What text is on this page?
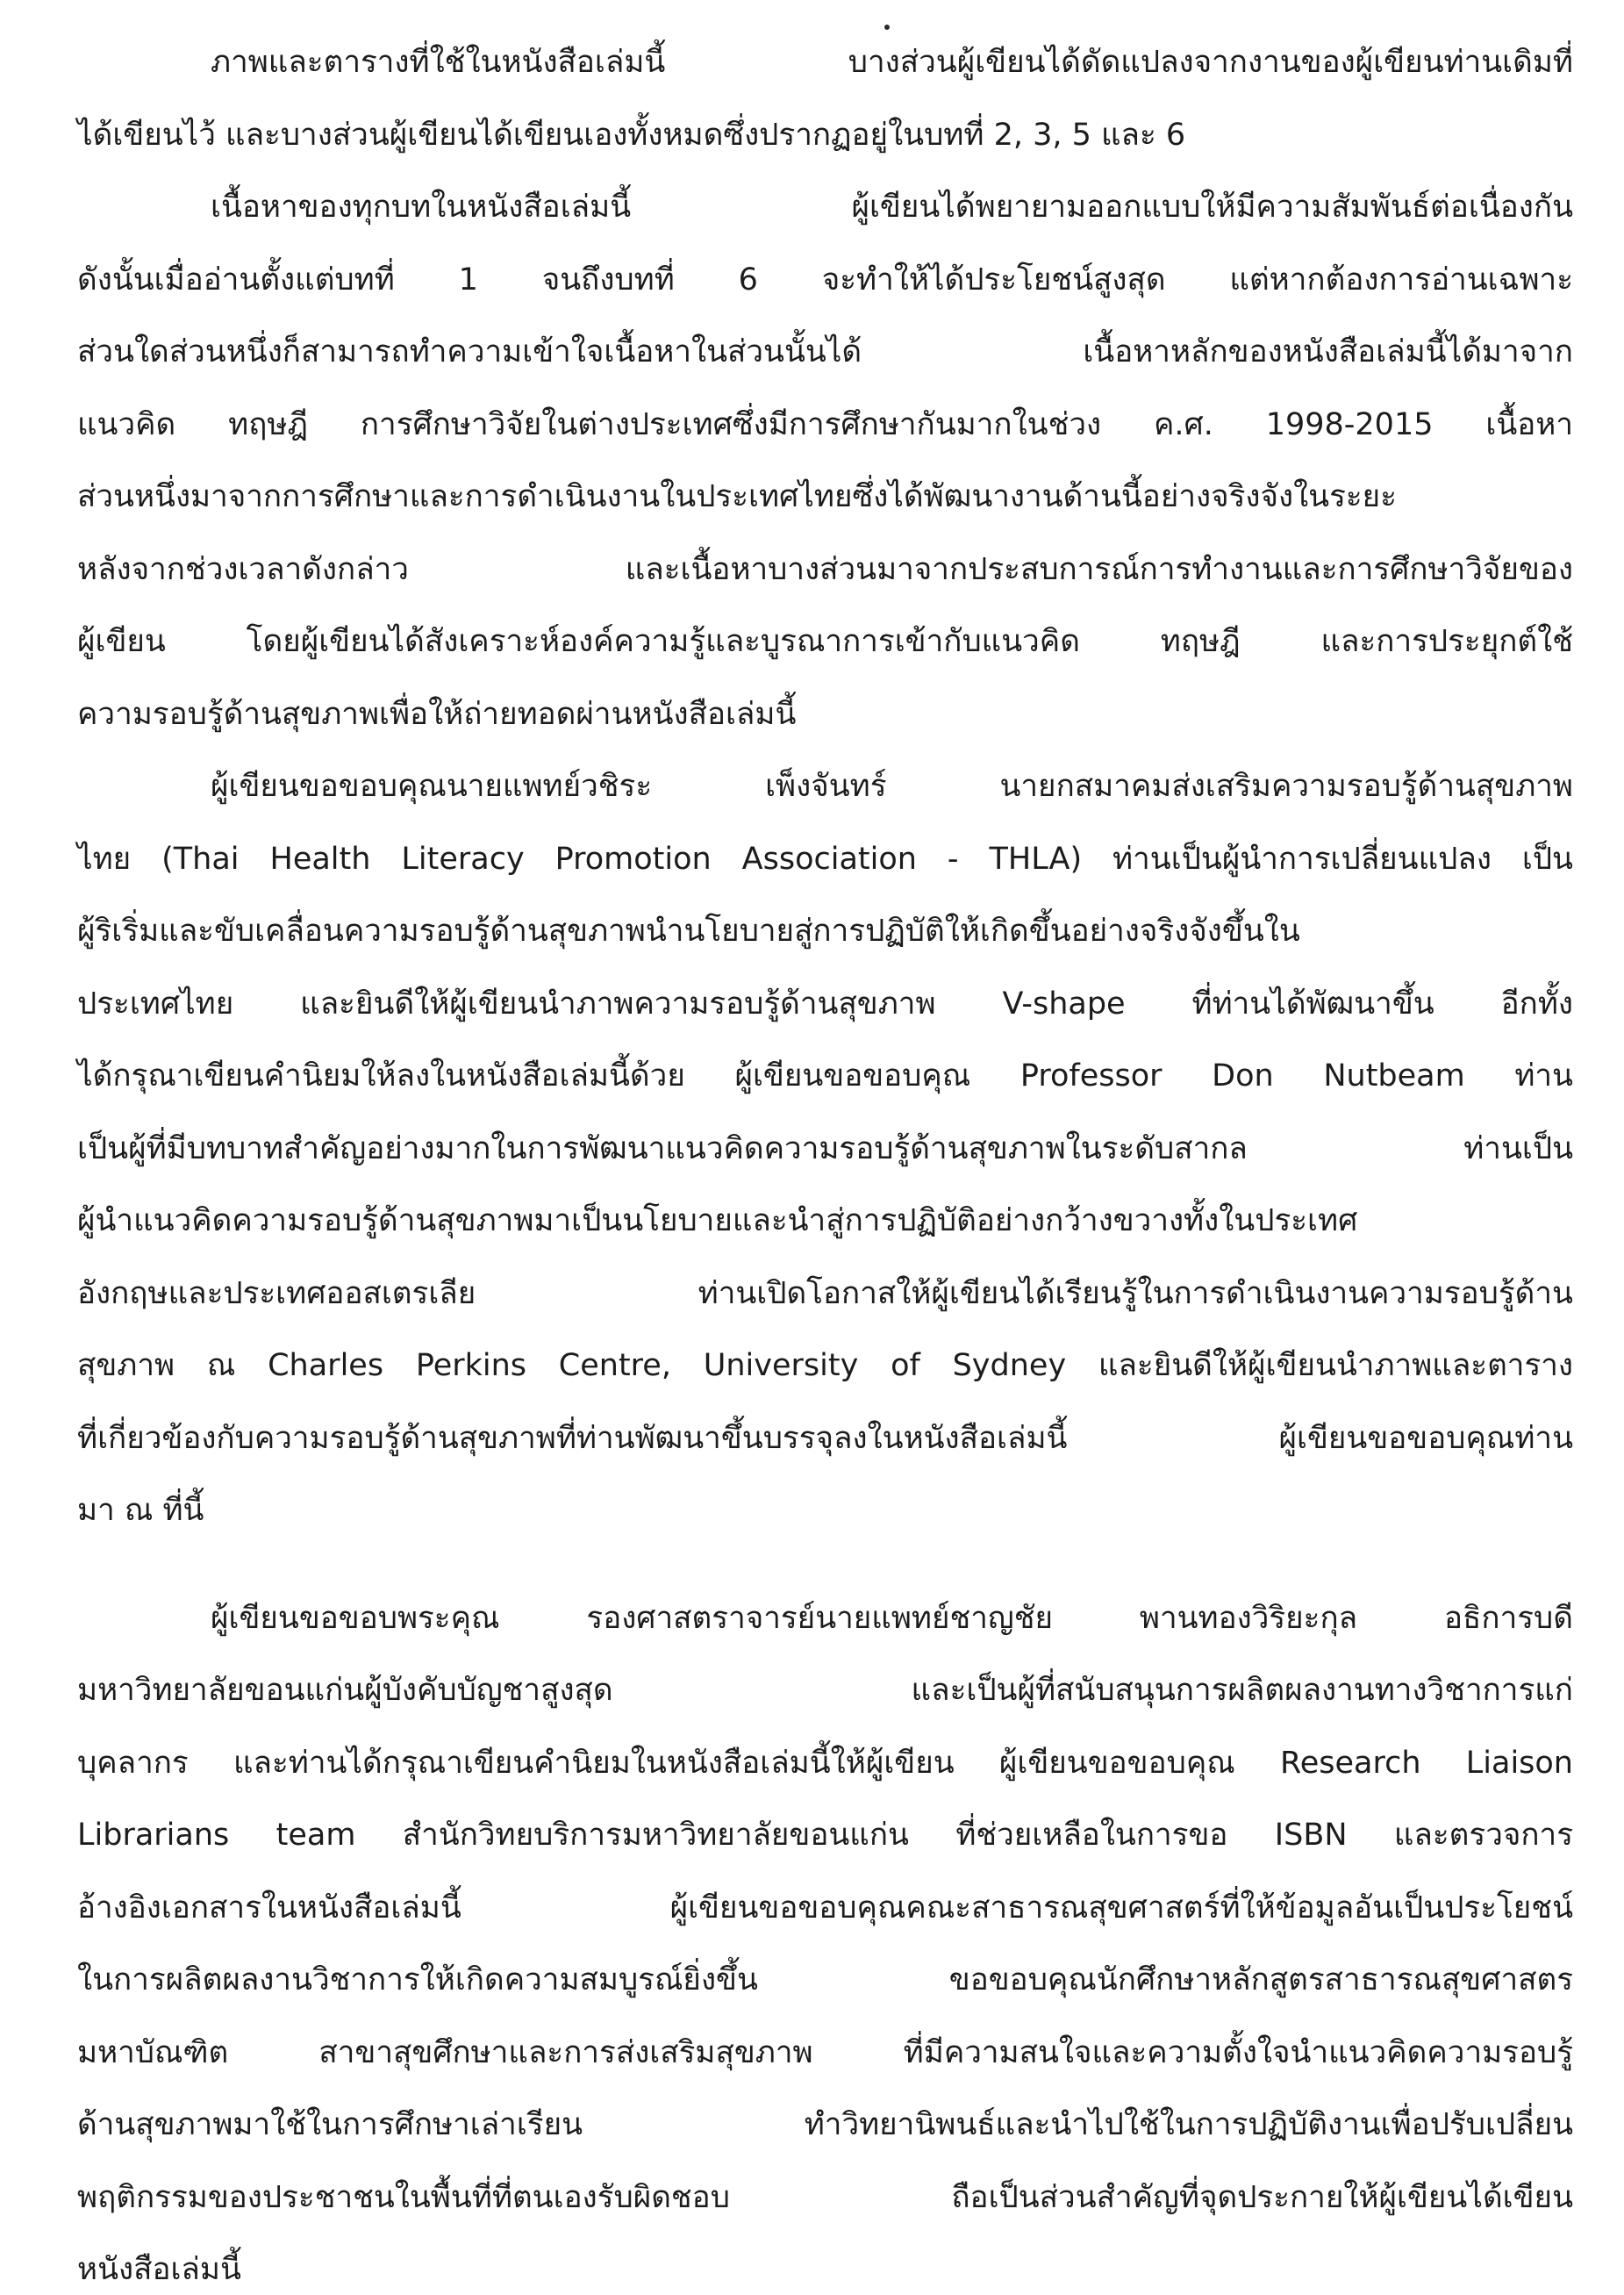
ภาพและตารางที่ใช้ในหนังสือเล่มนี้ บางส่วนผู้เขียนได้ดัดแปลงจากงานของผู้เขียนท่านเดิมที่
ได้เขียนไว้ และบางส่วนผู้เขียนได้เขียนเองทั้งหมดซึ่งปรากฏอยู่ในบทที่ 2, 3, 5 และ 6
เนื้อหาของทุกบทในหนังสือเล่มนี้ ผู้เขียนได้พยายามออกแบบให้มีความสัมพันธ์ต่อเนื่องกัน
ดังนั้นเมื่ออ่านตั้งแต่บทที่ 1 จนถึงบทที่ 6 จะทำให้ได้ประโยชน์สูงสุด แต่หากต้องการอ่านเฉพาะ
ส่วนใดส่วนหนึ่งก็สามารถทำความเข้าใจเนื้อหาในส่วนนั้นได้ เนื้อหาหลักของหนังสือเล่มนี้ได้มาจาก
แนวคิด ทฤษฎี การศึกษาวิจัยในต่างประเทศซึ่งมีการศึกษากันมากในช่วง ค.ศ. 1998-2015 เนื้อหา
ส่วนหนึ่งมาจากการศึกษาและการดำเนินงานในประเทศไทยซึ่งได้พัฒนางานด้านนี้อย่างจริงจังในระยะ
หลังจากช่วงเวลาดังกล่าว และเนื้อหาบางส่วนมาจากประสบการณ์การทำงานและการศึกษาวิจัยของ
ผู้เขียน โดยผู้เขียนได้สังเคราะห์องค์ความรู้และบูรณาการเข้ากับแนวคิด ทฤษฎี และการประยุกต์ใช้
ความรอบรู้ด้านสุขภาพเพื่อให้ถ่ายทอดผ่านหนังสือเล่มนี้
ผู้เขียนขอขอบคุณนายแพทย์วชิระ เพ็งจันทร์ นายกสมาคมส่งเสริมความรอบรู้ด้านสุขภาพ
ไทย (Thai Health Literacy Promotion Association - THLA) ท่านเป็นผู้นำการเปลี่ยนแปลง เป็น
ผู้ริเริ่มและขับเคลื่อนความรอบรู้ด้านสุขภาพนำนโยบายสู่การปฏิบัติให้เกิดขึ้นอย่างจริงจังขึ้นใน
ประเทศไทย และยินดีให้ผู้เขียนนำภาพความรอบรู้ด้านสุขภาพ V-shape ที่ท่านได้พัฒนาขึ้น อีกทั้ง
ได้กรุณาเขียนคำนิยมให้ลงในหนังสือเล่มนี้ด้วย ผู้เขียนขอขอบคุณ Professor Don Nutbeam ท่าน
เป็นผู้ที่มีบทบาทสำคัญอย่างมากในการพัฒนาแนวคิดความรอบรู้ด้านสุขภาพในระดับสากล ท่านเป็น
ผู้นำแนวคิดความรอบรู้ด้านสุขภาพมาเป็นนโยบายและนำสู่การปฏิบัติอย่างกว้างขวางทั้งในประเทศ
อังกฤษและประเทศออสเตรเลีย ท่านเปิดโอกาสให้ผู้เขียนได้เรียนรู้ในการดำเนินงานความรอบรู้ด้าน
สุขภาพ ณ Charles Perkins Centre, University of Sydney และยินดีให้ผู้เขียนนำภาพและตาราง
ที่เกี่ยวข้องกับความรอบรู้ด้านสุขภาพที่ท่านพัฒนาขึ้นบรรจุลงในหนังสือเล่มนี้ ผู้เขียนขอขอบคุณท่าน
มา ณ ที่นี้
ผู้เขียนขอขอบพระคุณ รองศาสตราจารย์นายแพทย์ชาญชัย พานทองวิริยะกุล อธิการบดี
มหาวิทยาลัยขอนแก่นผู้บังคับบัญชาสูงสุด และเป็นผู้ที่สนับสนุนการผลิตผลงานทางวิชาการแก่
บุคลากร และท่านได้กรุณาเขียนคำนิยมในหนังสือเล่มนี้ให้ผู้เขียน ผู้เขียนขอขอบคุณ Research Liaison
Librarians team สำนักวิทยบริการมหาวิทยาลัยขอนแก่น ที่ช่วยเหลือในการขอ ISBN และตรวจการ
อ้างอิงเอกสารในหนังสือเล่มนี้ ผู้เขียนขอขอบคุณคณะสาธารณสุขศาสตร์ที่ให้ข้อมูลอันเป็นประโยชน์
ในการผลิตผลงานวิชาการให้เกิดความสมบูรณ์ยิ่งขึ้น ขอขอบคุณนักศึกษาหลักสูตรสาธารณสุขศาสตร
มหาบัณฑิต สาขาสุขศึกษาและการส่งเสริมสุขภาพ ที่มีความสนใจและความตั้งใจนำแนวคิดความรอบรู้
ด้านสุขภาพมาใช้ในการศึกษาเล่าเรียน ทำวิทยานิพนธ์และนำไปใช้ในการปฏิบัติงานเพื่อปรับเปลี่ยน
พฤติกรรมของประชาชนในพื้นที่ที่ตนเองรับผิดชอบ ถือเป็นส่วนสำคัญที่จุดประกายให้ผู้เขียนได้เขียน
หนังสือเล่มนี้
